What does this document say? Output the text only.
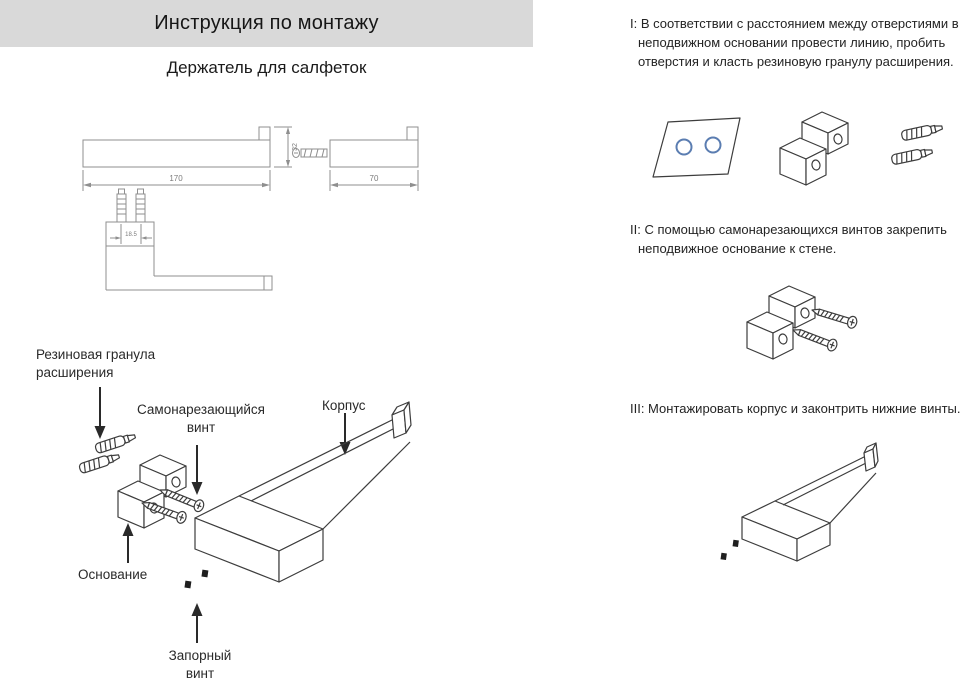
Инструкция по монтажу
Держатель для салфеток
170
32
70
18.5
Резиновая гранула расширения
Самонарезающийся винт
Корпус
Основание
Запорный винт
I: В соответствии с расстоянием между отверстиями в неподвижном основании провести линию, пробить отверстия и класть резиновую гранулу расширения.
II: С помощью самонарезающихся винтов закрепить неподвижное основание к стене.
III: Монтажировать корпус и законтрить нижние винты.
